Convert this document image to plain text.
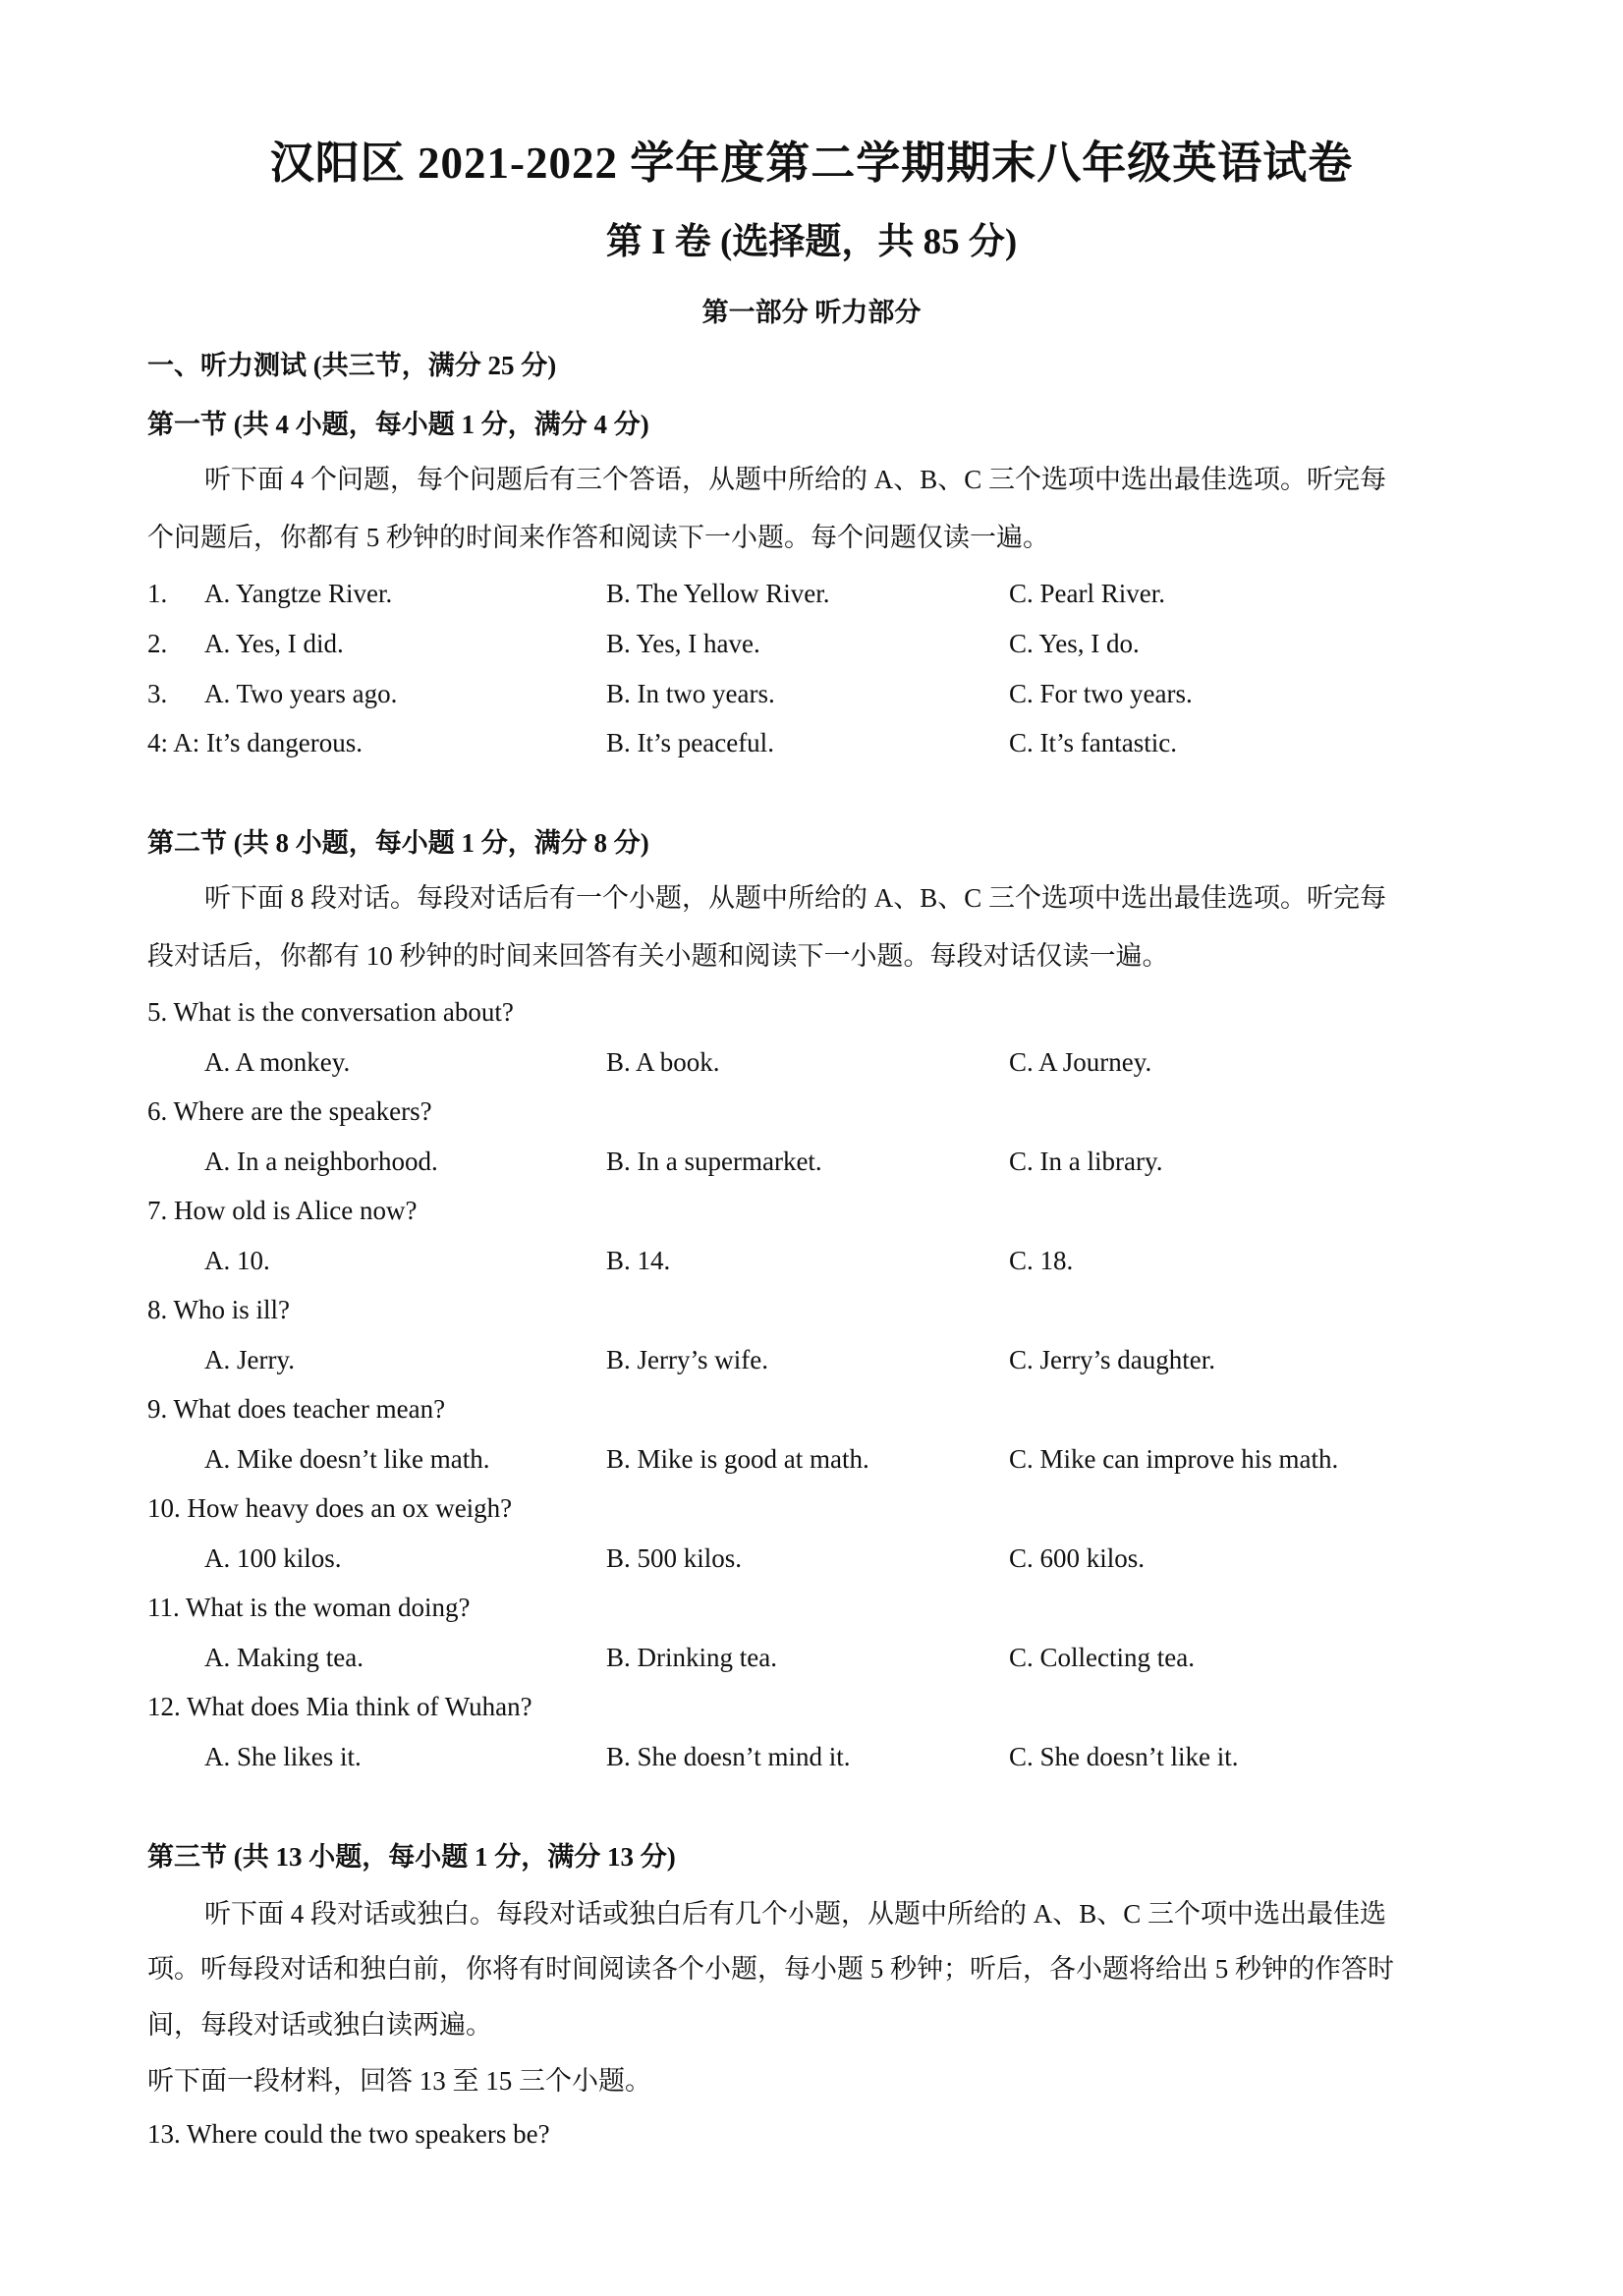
汉阳区 2021-2022 学年度第二学期期末八年级英语试卷
第 I 卷 (选择题，共 85 分)
第一部分 听力部分
一、听力测试 (共三节，满分 25 分)
第一节 (共 4 小题，每小题 1 分，满分 4 分)
听下面 4 个问题，每个问题后有三个答语，从题中所给的 A、B、C 三个选项中选出最佳选项。听完每
个问题后，你都有 5 秒钟的时间来作答和阅读下一小题。每个问题仅读一遍。
1. A. Yangtze River.	B. The Yellow River.	C. Pearl River.
2. A. Yes, I did.	B. Yes, I have.	C. Yes, I do.
3. A. Two years ago.	B. In two years.	C. For two years.
4: A: It’s dangerous.	B. It’s peaceful.	C. It’s fantastic.
第二节 (共 8 小题，每小题 1 分，满分 8 分)
听下面 8 段对话。每段对话后有一个小题，从题中所给的 A、B、C 三个选项中选出最佳选项。听完每
段对话后，你都有 10 秒钟的时间来回答有关小题和阅读下一小题。每段对话仅读一遍。
5. What is the conversation about?
A. A monkey.	B. A book.	C. A Journey.
6. Where are the speakers?
A. In a neighborhood.	B. In a supermarket.	C. In a library.
7. How old is Alice now?
A. 10.	B. 14.	C. 18.
8. Who is ill?
A. Jerry.	B. Jerry’s wife.	C. Jerry’s daughter.
9. What does teacher mean?
A. Mike doesn’t like math.	B. Mike is good at math.	C. Mike can improve his math.
10. How heavy does an ox weigh?
A. 100 kilos.	B. 500 kilos.	C. 600 kilos.
11. What is the woman doing?
A. Making tea.	B. Drinking tea.	C. Collecting tea.
12. What does Mia think of Wuhan?
A. She likes it.	B. She doesn’t mind it.	C. She doesn’t like it.
第三节 (共 13 小题，每小题 1 分，满分 13 分)
听下面 4 段对话或独白。每段对话或独白后有几个小题，从题中所给的 A、B、C 三个项中选出最佳选
项。听每段对话和独白前，你将有时间阅读各个小题，每小题 5 秒钟；听后，各小题将给出 5 秒钟的作答时
间，每段对话或独白读两遍。
听下面一段材料，回答 13 至 15 三个小题。
13. Where could the two speakers be?
